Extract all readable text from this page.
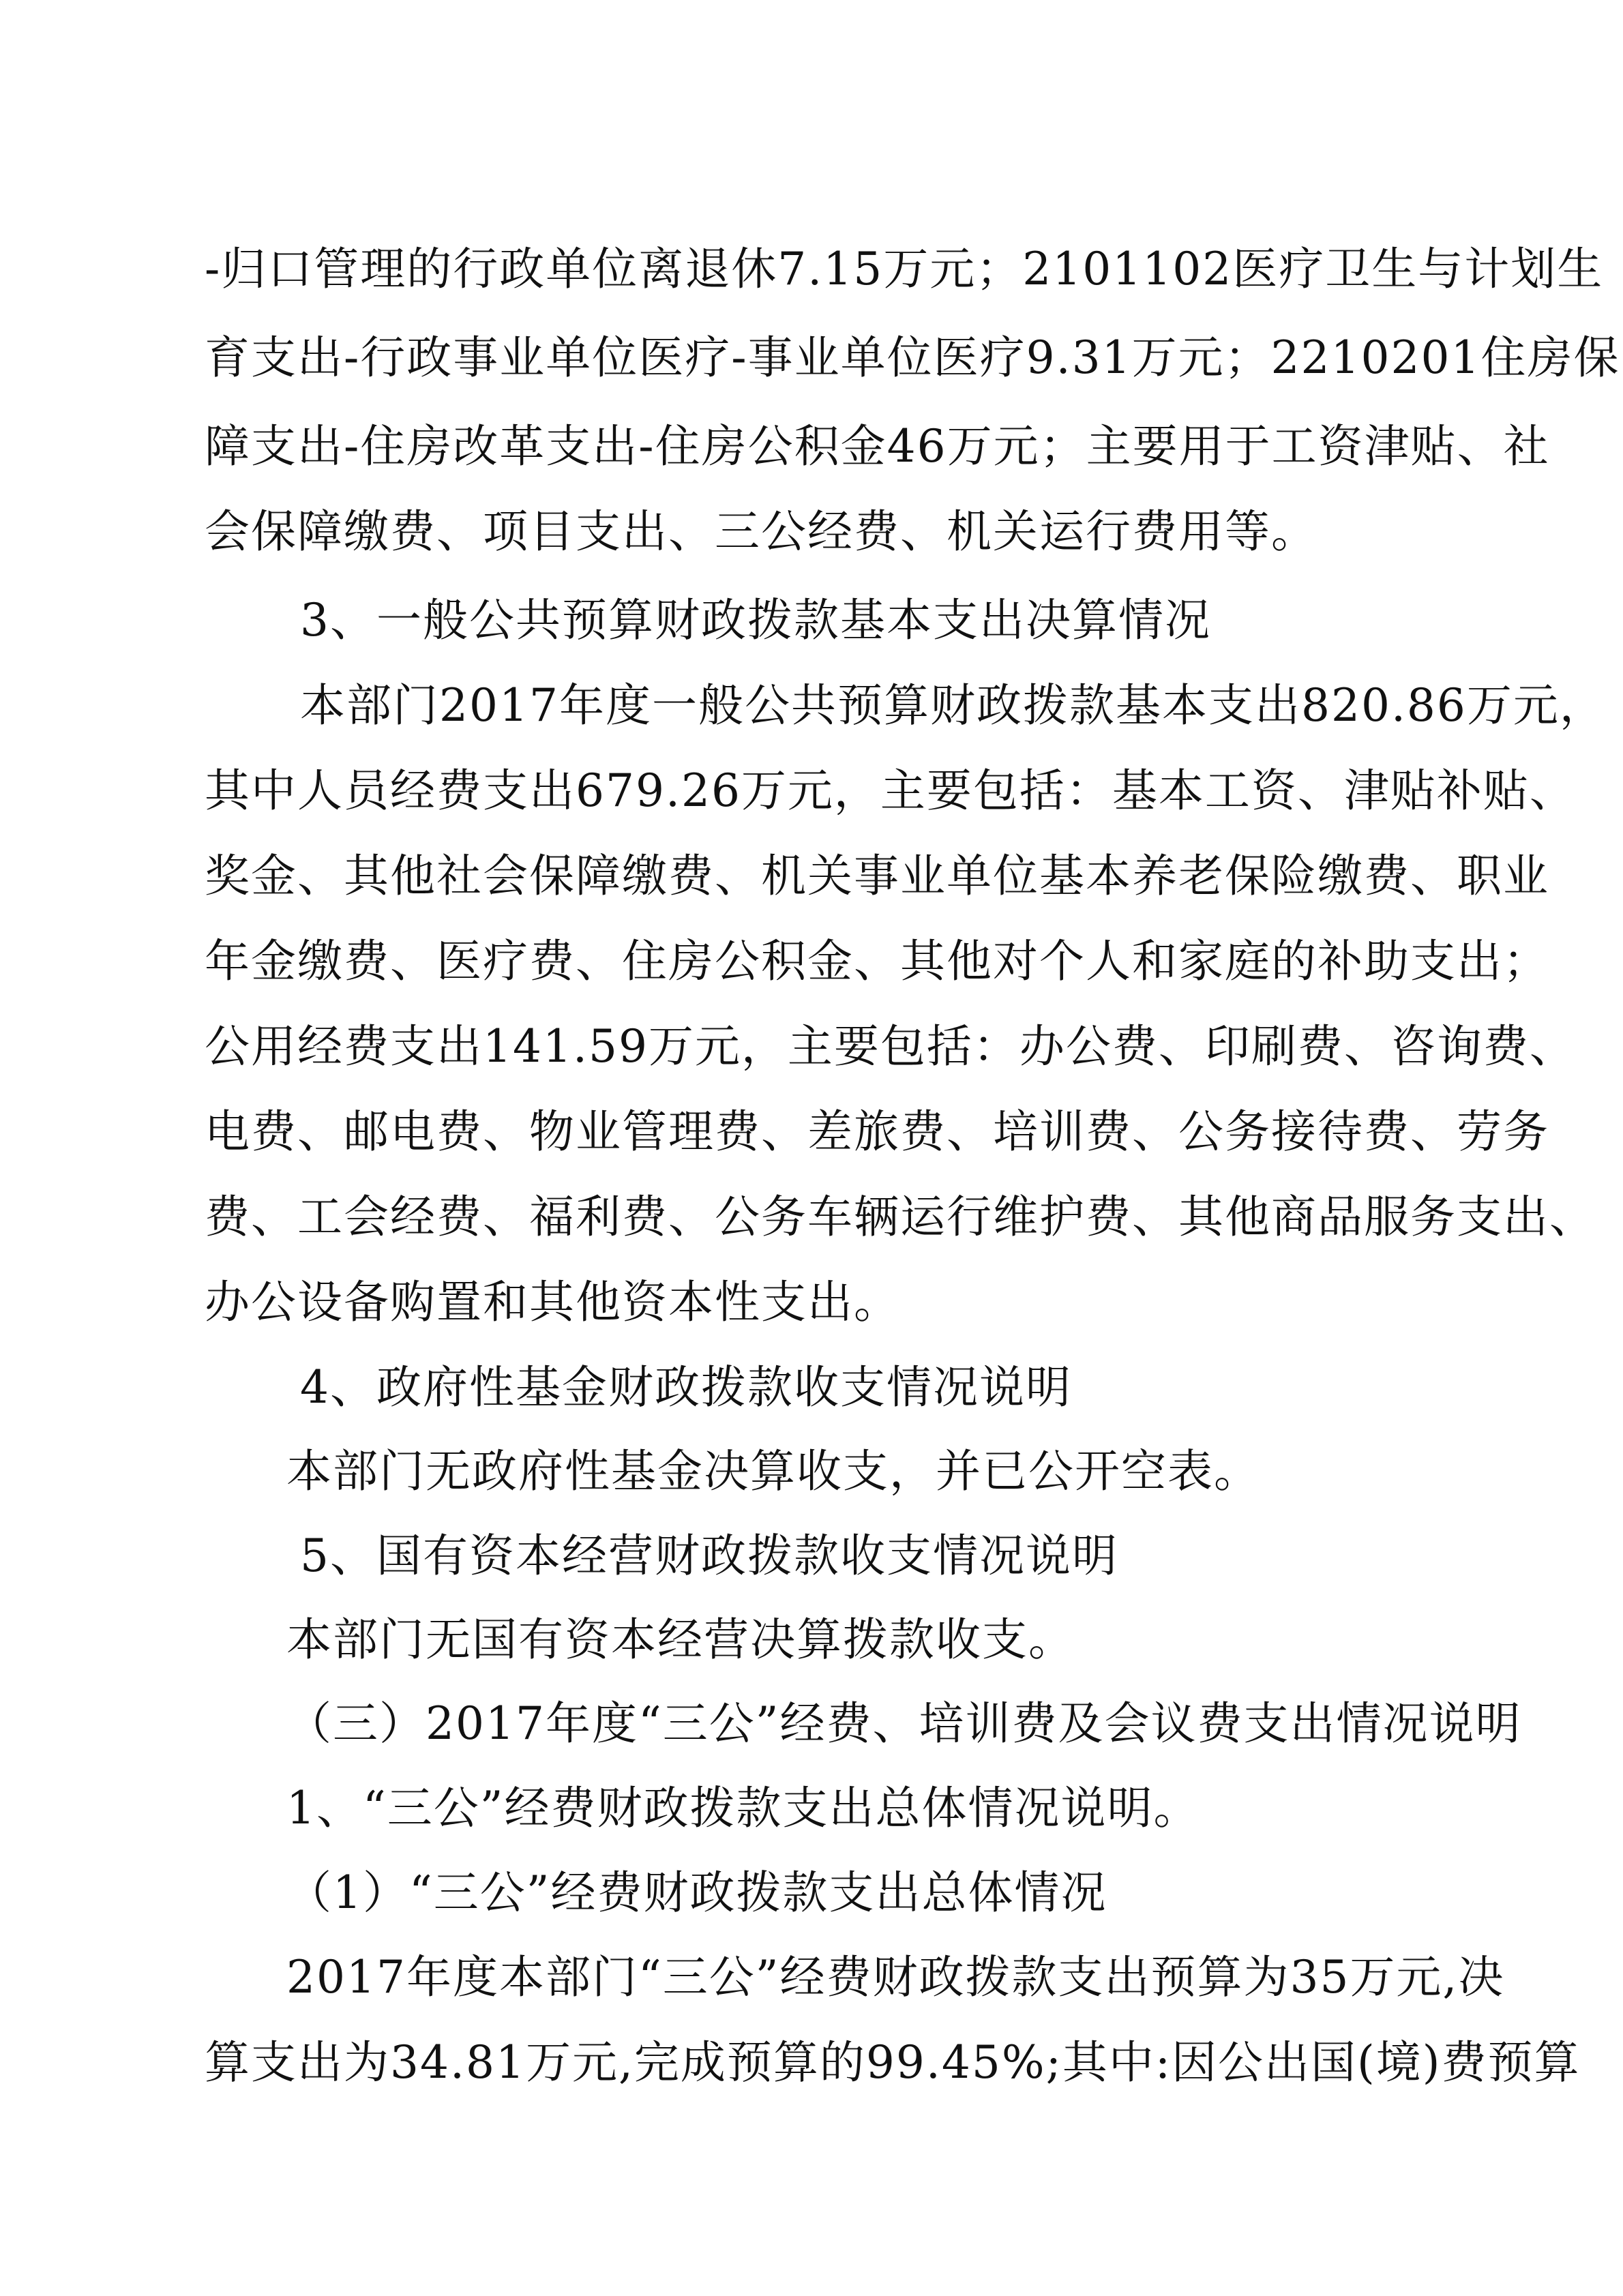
-归口管理的行政单位离退休7.15万元；2101102医疗卫生与计划生
育支出-行政事业单位医疗-事业单位医疗9.31万元；2210201住房保
障支出-住房改革支出-住房公积金46万元；主要用于工资津贴、社
会保障缴费、项目支出、三公经费、机关运行费用等。
3、一般公共预算财政拨款基本支出决算情况
本部门2017年度一般公共预算财政拨款基本支出820.86万元，
其中人员经费支出679.26万元，主要包括：基本工资、津贴补贴、
奖金、其他社会保障缴费、机关事业单位基本养老保险缴费、职业
年金缴费、医疗费、住房公积金、其他对个人和家庭的补助支出；
公用经费支出141.59万元，主要包括：办公费、印刷费、咨询费、
电费、邮电费、物业管理费、差旅费、培训费、公务接待费、劳务
费、工会经费、福利费、公务车辆运行维护费、其他商品服务支出、
办公设备购置和其他资本性支出。
4、政府性基金财政拨款收支情况说明
本部门无政府性基金决算收支，并已公开空表。
5、国有资本经营财政拨款收支情况说明
本部门无国有资本经营决算拨款收支。
（三）2017年度“三公”经费、培训费及会议费支出情况说明
1、“三公”经费财政拨款支出总体情况说明。
（1）“三公”经费财政拨款支出总体情况
2017年度本部门“三公”经费财政拨款支出预算为35万元,决
算支出为34.81万元,完成预算的99.45%;其中:因公出国(境)费预算
